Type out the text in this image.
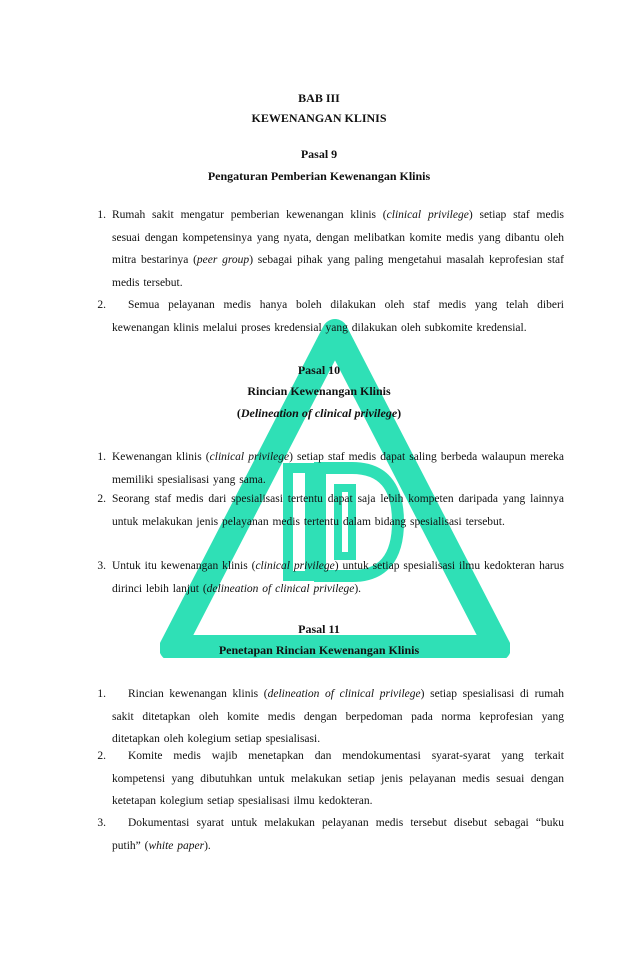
BAB III
KEWENANGAN KLINIS
Pasal 9
Pengaturan Pemberian Kewenangan Klinis
1. Rumah sakit mengatur pemberian kewenangan klinis (clinical privilege) setiap staf medis sesuai dengan kompetensinya yang nyata, dengan melibatkan komite medis yang dibantu oleh mitra bestarinya (peer group) sebagai pihak yang paling mengetahui masalah keprofesian staf medis tersebut.
2.	Semua pelayanan medis hanya boleh dilakukan oleh staf medis yang telah diberi kewenangan klinis melalui proses kredensial yang dilakukan oleh subkomite kredensial.
Pasal 10
Rincian Kewenangan Klinis
(Delineation of clinical privilege)
1. Kewenangan klinis (clinical privilege) setiap staf medis dapat saling berbeda walaupun mereka memiliki spesialisasi yang sama.
2. Seorang staf medis dari spesialisasi tertentu dapat saja lebih kompeten daripada yang lainnya untuk melakukan jenis pelayanan medis tertentu dalam bidang spesialisasi tersebut.
3. Untuk itu kewenangan klinis (clinical privilege) untuk setiap spesialisasi ilmu kedokteran harus dirinci lebih lanjut (delineation of clinical privilege).
Pasal 11
Penetapan Rincian Kewenangan Klinis
1.	Rincian kewenangan klinis (delineation of clinical privilege) setiap spesialisasi di rumah sakit ditetapkan oleh komite medis dengan berpedoman pada norma keprofesian yang ditetapkan oleh kolegium setiap spesialisasi.
2.	Komite medis wajib menetapkan dan mendokumentasi syarat-syarat yang terkait kompetensi yang dibutuhkan untuk melakukan setiap jenis pelayanan medis sesuai dengan ketetapan kolegium setiap spesialisasi ilmu kedokteran.
3.	Dokumentasi syarat untuk melakukan pelayanan medis tersebut disebut sebagai “buku putih” (white paper).
